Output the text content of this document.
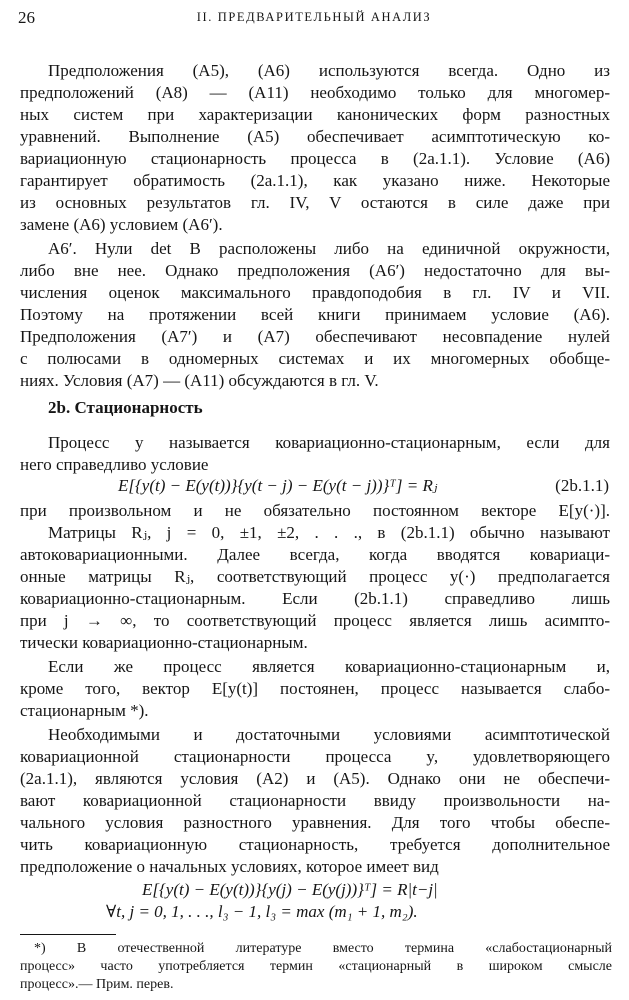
26	II. ПРЕДВАРИТЕЛЬНЫЙ АНАЛИЗ
Предположения (A5), (A6) используются всегда. Одно из
предположений (A8) — (A11) необходимо только для многомер-
ных систем при характеризации канонических форм разностных
уравнений. Выполнение (A5) обеспечивает асимптотическую ко-
вариационную стационарность процесса в (2a.1.1). Условие (A6)
гарантирует обратимость (2a.1.1), как указано ниже. Некоторые
из основных результатов гл. IV, V остаются в силе даже при
замене (A6) условием (A6′).
A6′. Нули det B расположены либо на единичной окружности,
либо вне нее. Однако предположения (A6′) недостаточно для вы-
числения оценок максимального правдоподобия в гл. IV и VII.
Поэтому на протяжении всей книги принимаем условие (A6).
Предположения (A7′) и (A7) обеспечивают несовпадение нулей
с полюсами в одномерных системах и их многомерных обобще-
ниях. Условия (A7) — (A11) обсуждаются в гл. V.
2b. Стационарность
Процесс y называется ковариационно-стационарным, если для
него справедливо условие
E[{y(t) − E(y(t))}{y(t − j) − E(y(t − j))}ᵀ] = Rⱼ	(2b.1.1)
при произвольном и не обязательно постоянном векторе E[y(·)].
Матрицы Rⱼ, j = 0, ±1, ±2, . . ., в (2b.1.1) обычно называют
автоковариационными. Далее всегда, когда вводятся ковариаци-
онные матрицы Rⱼ, соответствующий процесс y(·) предполагается
ковариационно-стационарным. Если (2b.1.1) справедливо лишь
при j → ∞, то соответствующий процесс является лишь асимпто-
тически ковариационно-стационарным.
Если же процесс является ковариационно-стационарным и,
кроме того, вектор E[y(t)] постоянен, процесс называется слабо-
стационарным *).
Необходимыми и достаточными условиями асимптотической
ковариационной стационарности процесса y, удовлетворяющего
(2a.1.1), являются условия (A2) и (A5). Однако они не обеспечи-
вают ковариационной стационарности ввиду произвольности на-
чального условия разностного уравнения. Для того чтобы обеспе-
чить ковариационную стационарность, требуется дополнительное
предположение о начальных условиях, которое имеет вид
E[{y(t) − E(y(t))}{y(j) − E(y(j))}ᵀ] = R|t−j|
∀t, j = 0, 1, . . ., l₃ − 1, l₃ = max (m₁ + 1, m₂).
*) В отечественной литературе вместо термина «слабостационарный
процесс» часто употребляется термин «стационарный в широком смысле
процесс».— Прим. перев.
